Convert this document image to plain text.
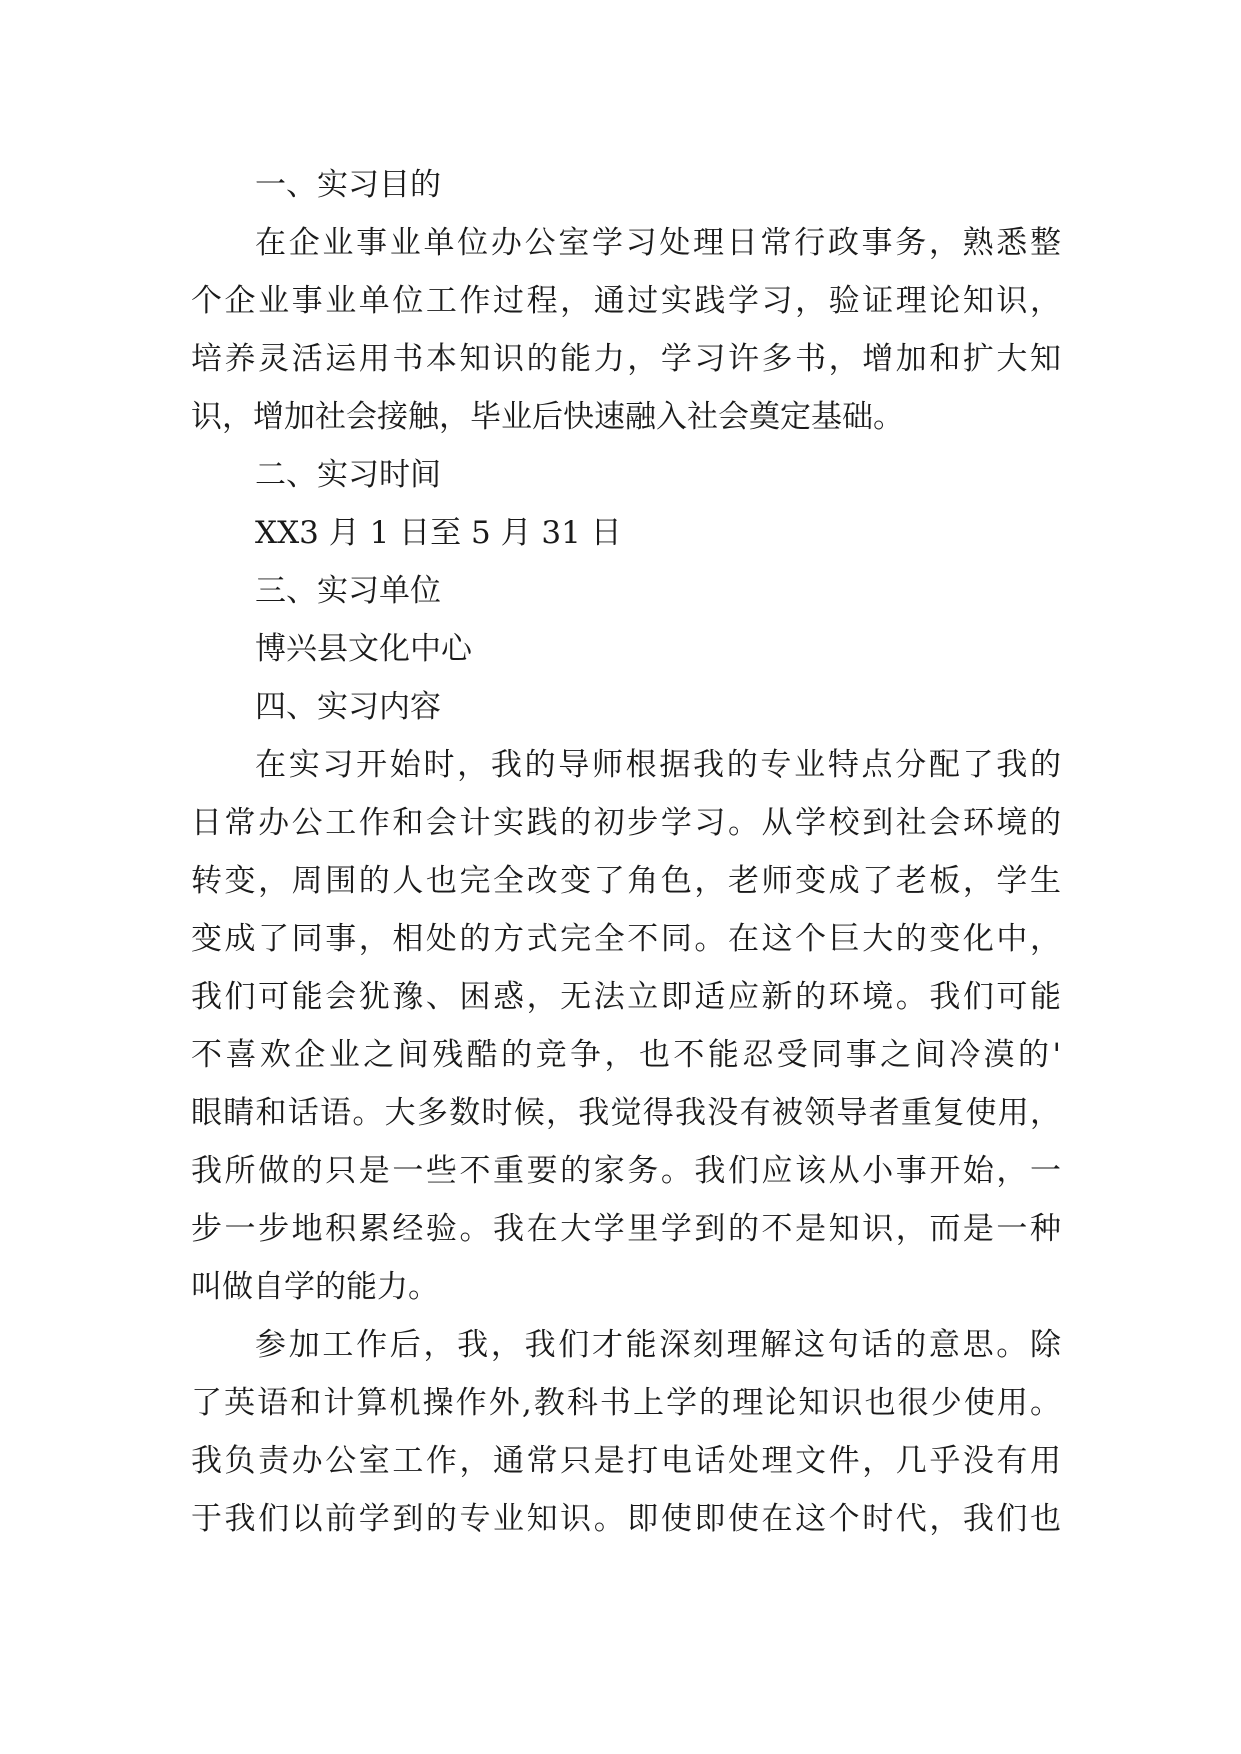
一、实习目的
在企业事业单位办公室学习处理日常行政事务，熟悉整
个企业事业单位工作过程，通过实践学习，验证理论知识，
培养灵活运用书本知识的能力，学习许多书，增加和扩大知
识，增加社会接触，毕业后快速融入社会奠定基础。
二、实习时间
XX3 月 1 日至 5 月 31 日
三、实习单位
博兴县文化中心
四、实习内容
在实习开始时，我的导师根据我的专业特点分配了我的
日常办公工作和会计实践的初步学习。从学校到社会环境的
转变，周围的人也完全改变了角色，老师变成了老板，学生
变成了同事，相处的方式完全不同。在这个巨大的变化中，
我们可能会犹豫、困惑，无法立即适应新的环境。我们可能
不喜欢企业之间残酷的竞争，也不能忍受同事之间冷漠的'
眼睛和话语。大多数时候，我觉得我没有被领导者重复使用，
我所做的只是一些不重要的家务。我们应该从小事开始，一
步一步地积累经验。我在大学里学到的不是知识，而是一种
叫做自学的能力。
参加工作后，我，我们才能深刻理解这句话的意思。除
了英语和计算机操作外,教科书上学的理论知识也很少使用。
我负责办公室工作，通常只是打电话处理文件，几乎没有用
于我们以前学到的专业知识。即使即使在这个时代，我们也
